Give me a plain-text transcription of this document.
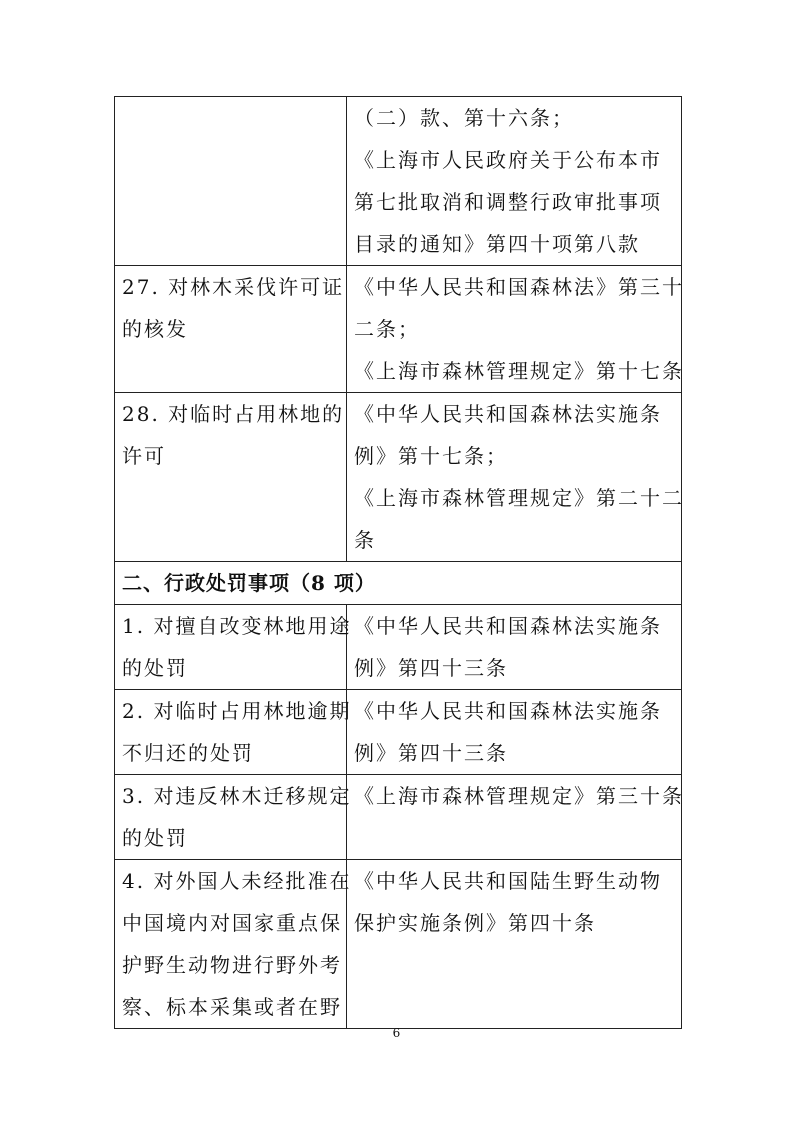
	（二）款、第十六条；
《上海市人民政府关于公布本市
第七批取消和调整行政审批事项
目录的通知》第四十项第八款

27. 对林木采伐许可证
的核发	《中华人民共和国森林法》第三十
二条；
《上海市森林管理规定》第十七条

28. 对临时占用林地的
许可	《中华人民共和国森林法实施条
例》第十七条；
《上海市森林管理规定》第二十二
条

二、行政处罚事项（8 项）	

1. 对擅自改变林地用途
的处罚	《中华人民共和国森林法实施条
例》第四十三条

2. 对临时占用林地逾期
不归还的处罚	《中华人民共和国森林法实施条
例》第四十三条

3. 对违反林木迁移规定
的处罚	《上海市森林管理规定》第三十条

4. 对外国人未经批准在
中国境内对国家重点保
护野生动物进行野外考
察、标本采集或者在野	《中华人民共和国陆生野生动物
保护实施条例》第四十条
6
